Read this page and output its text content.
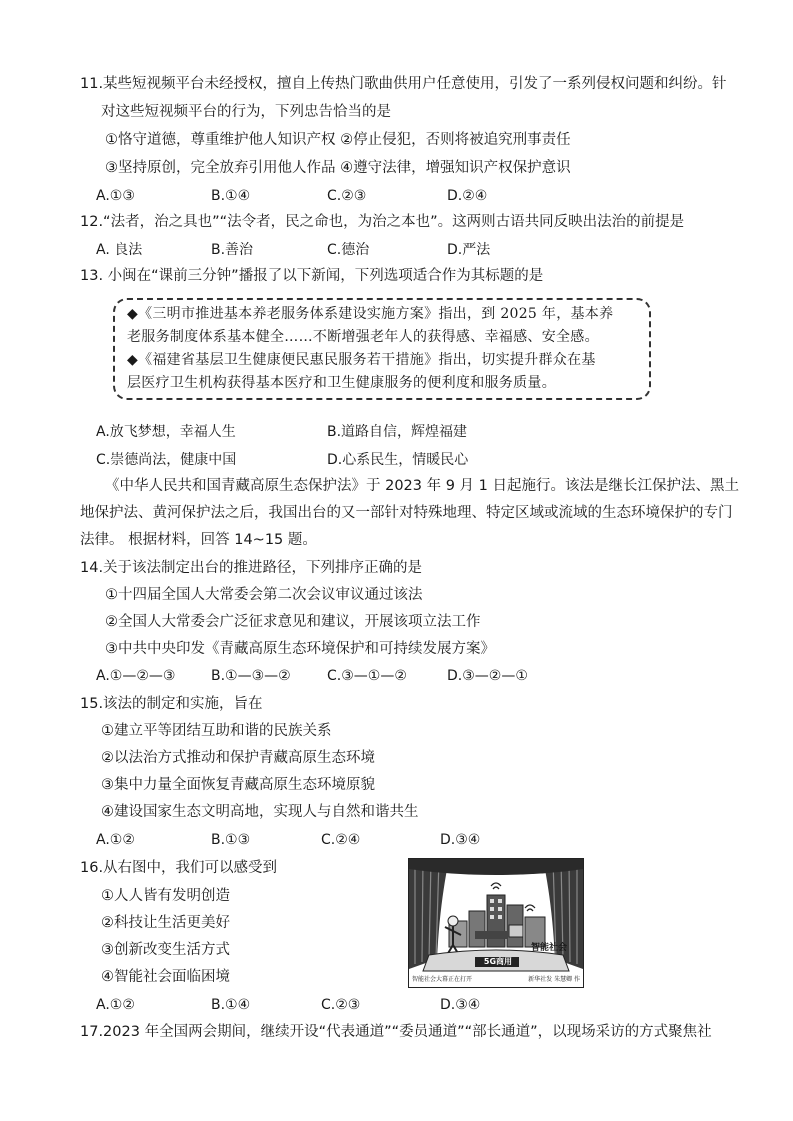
11.某些短视频平台未经授权，擅自上传热门歌曲供用户任意使用，引发了一系列侵权问题和纠纷。针
对这些短视频平台的行为，下列忠告恰当的是
①恪守道德，尊重维护他人知识产权 ②停止侵犯，否则将被追究刑事责任
③坚持原创，完全放弃引用他人作品 ④遵守法律，增强知识产权保护意识
A.①③	B.①④	C.②③	D.②④
12.“法者，治之具也”“法令者，民之命也，为治之本也”。这两则古语共同反映出法治的前提是
A. 良法	B.善治	C.德治	D.严法
13. 小闽在“课前三分钟”播报了以下新闻，下列选项适合作为其标题的是
◆《三明市推进基本养老服务体系建设实施方案》指出，到 2025 年，基本养
老服务制度体系基本健全……不断增强老年人的获得感、幸福感、安全感。
◆《福建省基层卫生健康便民惠民服务若干措施》指出，切实提升群众在基
层医疗卫生机构获得基本医疗和卫生健康服务的便利度和服务质量。
A.放飞梦想，幸福人生	B.道路自信，辉煌福建
C.崇德尚法，健康中国	D.心系民生，情暖民心
《中华人民共和国青藏高原生态保护法》于 2023 年 9 月 1 日起施行。该法是继长江保护法、黑土
地保护法、黄河保护法之后，我国出台的又一部针对特殊地理、特定区域或流域的生态环境保护的专门
法律。 根据材料，回答 14~15 题。
14.关于该法制定出台的推进路径，下列排序正确的是
①十四届全国人大常委会第二次会议审议通过该法
②全国人大常委会广泛征求意见和建议，开展该项立法工作
③中共中央印发《青藏高原生态环境保护和可持续发展方案》
A.①—②—③	B.①—③—②	C.③—①—②	D.③—②—①
15.该法的制定和实施，旨在
①建立平等团结互助和谐的民族关系
②以法治方式推动和保护青藏高原生态环境
③集中力量全面恢复青藏高原生态环境原貌
④建设国家生态文明高地，实现人与自然和谐共生
A.①②	B.①③	C.②④	D.③④
16.从右图中，我们可以感受到
①人人皆有发明创造
②科技让生活更美好
③创新改变生活方式
④智能社会面临困境
A.①②	B.①④	C.②③	D.③④
智能社会
5G商用
智能社会大幕正在打开	新华社发 朱慧卿 作
17.2023 年全国两会期间，继续开设“代表通道”“委员通道”“部长通道”，以现场采访的方式聚焦社
